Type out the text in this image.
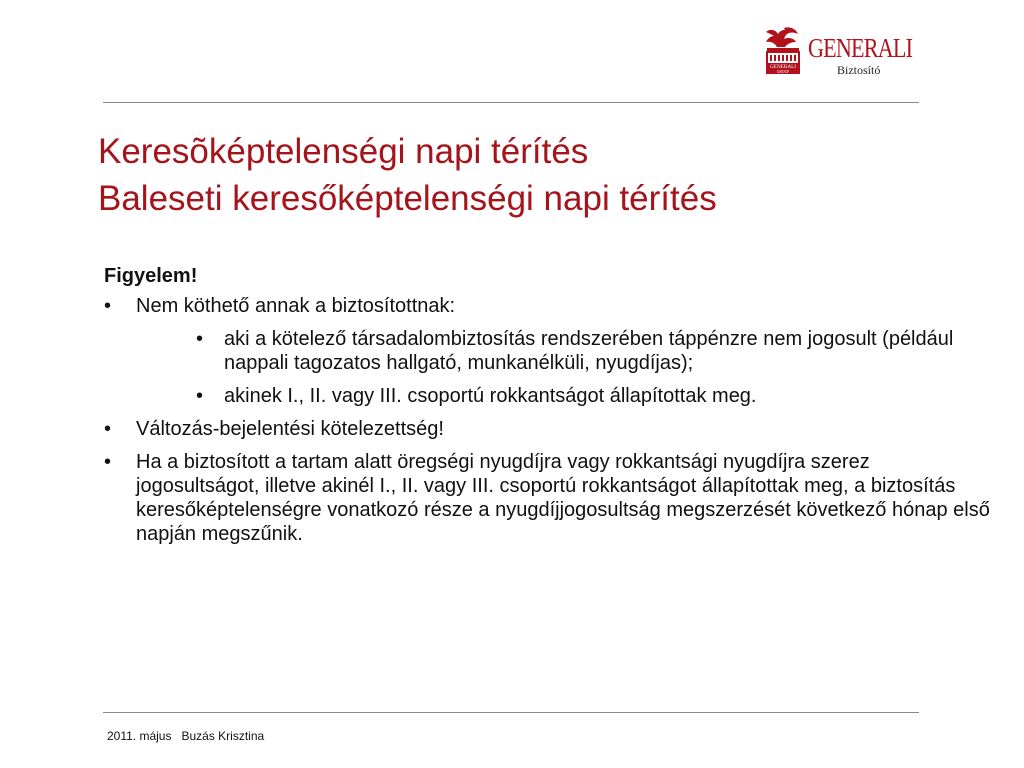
GENERALI
GROUP
GENERALI
Biztosító
Keresõképtelenségi napi térítés
Baleseti keresőképtelenségi napi térítés

Figyelem!

• Nem köthető annak a biztosítottnak:
• aki a kötelező társadalombiztosítás rendszerében táppénzre nem jogosult (például nappali tagozatos hallgató, munkanélküli, nyugdíjas);
• akinek I., II. vagy III. csoportú rokkantságot állapítottak meg.
• Változás-bejelentési kötelezettség!
• Ha a biztosított a tartam alatt öregségi nyugdíjra vagy rokkantsági nyugdíjra szerez jogosultságot, illetve akinél I., II. vagy III. csoportú rokkantságot állapítottak meg, a biztosítás keresőképtelenségre vonatkozó része a nyugdíjjogosultság megszerzését következő hónap első napján megszűnik.
2011. május Buzás Krisztina
